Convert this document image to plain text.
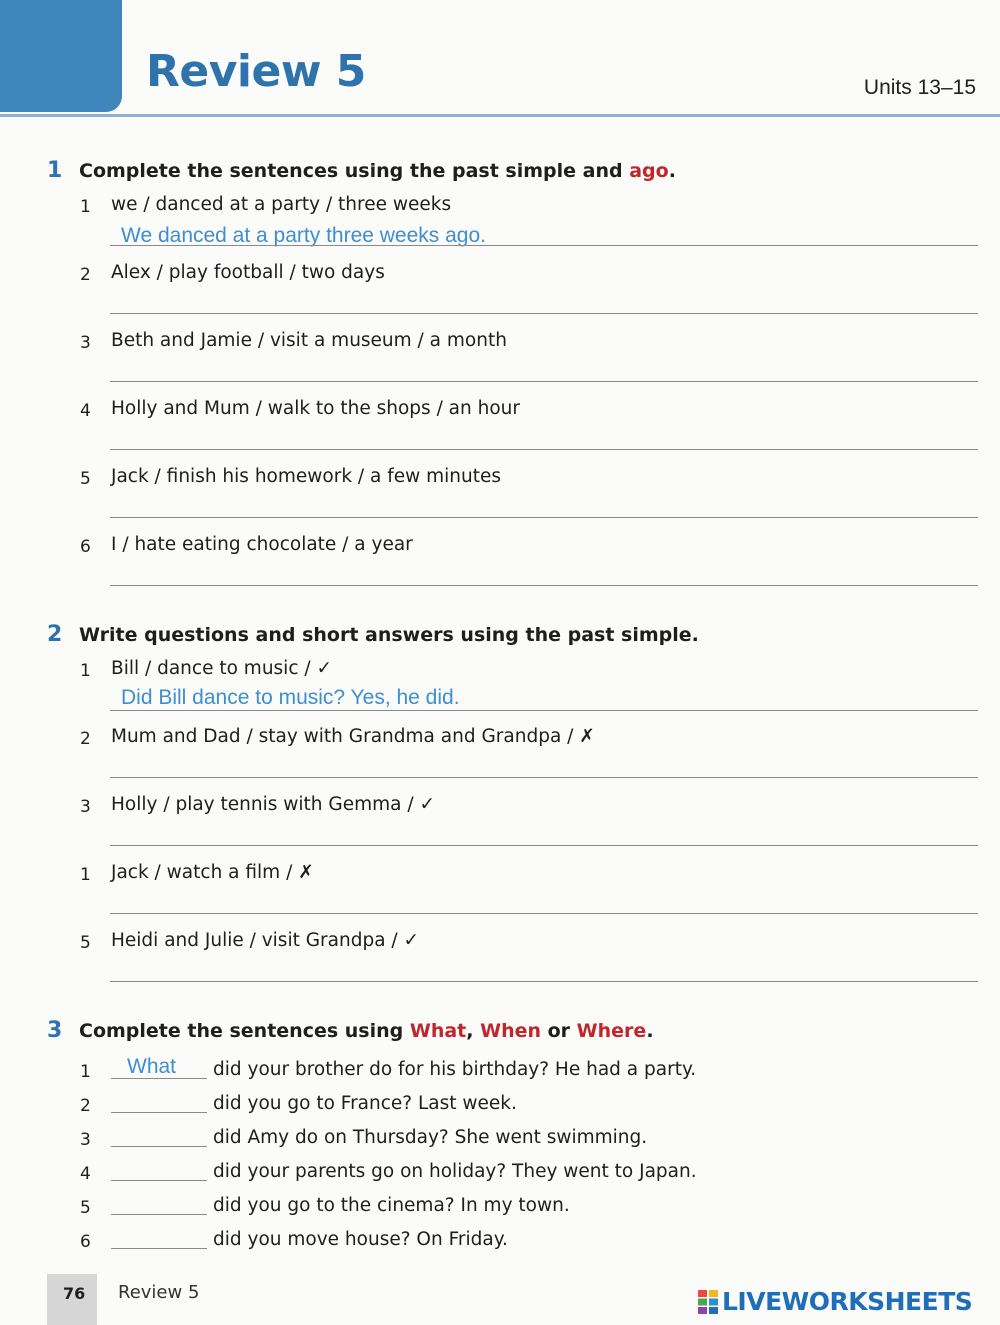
Review 5	Units 13–15
1 Complete the sentences using the past simple and ago.
1 we / danced at a party / three weeks
We danced at a party three weeks ago.
2 Alex / play football / two days
3 Beth and Jamie / visit a museum / a month
4 Holly and Mum / walk to the shops / an hour
5 Jack / finish his homework / a few minutes
6 I / hate eating chocolate / a year
2 Write questions and short answers using the past simple.
1 Bill / dance to music / ✓
Did Bill dance to music? Yes, he did.
2 Mum and Dad / stay with Grandma and Grandpa / ✗
3 Holly / play tennis with Gemma / ✓
1 Jack / watch a film / ✗
5 Heidi and Julie / visit Grandpa / ✓
3 Complete the sentences using What, When or Where.
1 What did your brother do for his birthday? He had a party.
2	did you go to France? Last week.
3	did Amy do on Thursday? She went swimming.
4	did your parents go on holiday? They went to Japan.
5	did you go to the cinema? In my town.
6	did you move house? On Friday.
76 Review 5	LIVEWORKSHEETS
